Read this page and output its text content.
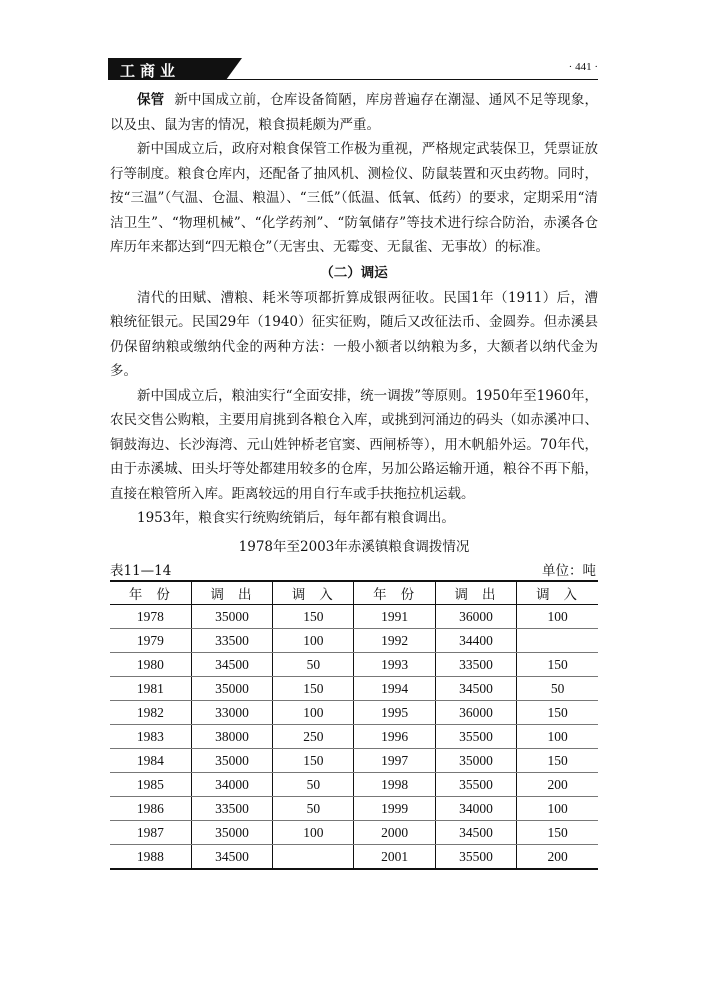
工商业	· 441 ·

保管 新中国成立前，仓库设备简陋，库房普遍存在潮湿、通风不足等现象，以及虫、鼠为害的情况，粮食损耗颇为严重。

新中国成立后，政府对粮食保管工作极为重视，严格规定武装保卫，凭票证放行等制度。粮食仓库内，还配备了抽风机、测检仪、防鼠装置和灭虫药物。同时，按“三温”（气温、仓温、粮温）、“三低”（低温、低氧、低药）的要求，定期采用“清洁卫生”、“物理机械”、“化学药剂”、“防氧储存”等技术进行综合防治，赤溪各仓库历年来都达到“四无粮仓”（无害虫、无霉变、无鼠雀、无事故）的标准。

（二）调运

清代的田赋、漕粮、耗米等项都折算成银两征收。民国1年（1911）后，漕粮统征银元。民国29年（1940）征实征购，随后又改征法币、金圆券。但赤溪县仍保留纳粮或缴纳代金的两种方法：一般小额者以纳粮为多，大额者以纳代金为多。

新中国成立后，粮油实行“全面安排，统一调拨”等原则。1950年至1960年，农民交售公购粮，主要用肩挑到各粮仓入库，或挑到河涌边的码头（如赤溪冲口、铜鼓海边、长沙海湾、元山姓钟桥老官窦、西闸桥等），用木帆船外运。70年代，由于赤溪城、田头圩等处都建用较多的仓库，另加公路运输开通，粮谷不再下船，直接在粮管所入库。距离较远的用自行车或手扶拖拉机运载。

1953年，粮食实行统购统销后，每年都有粮食调出。

1978年至2003年赤溪镇粮食调拨情况
表11—14	单位：吨
年份	调出	调入	年份	调出	调入
1978	35000	150	1991	36000	100
1979	33500	100	1992	34400	
1980	34500	50	1993	33500	150
1981	35000	150	1994	34500	50
1982	33000	100	1995	36000	150
1983	38000	250	1996	35500	100
1984	35000	150	1997	35000	150
1985	34000	50	1998	35500	200
1986	33500	50	1999	34000	100
1987	35000	100	2000	34500	150
1988	34500		2001	35500	200
